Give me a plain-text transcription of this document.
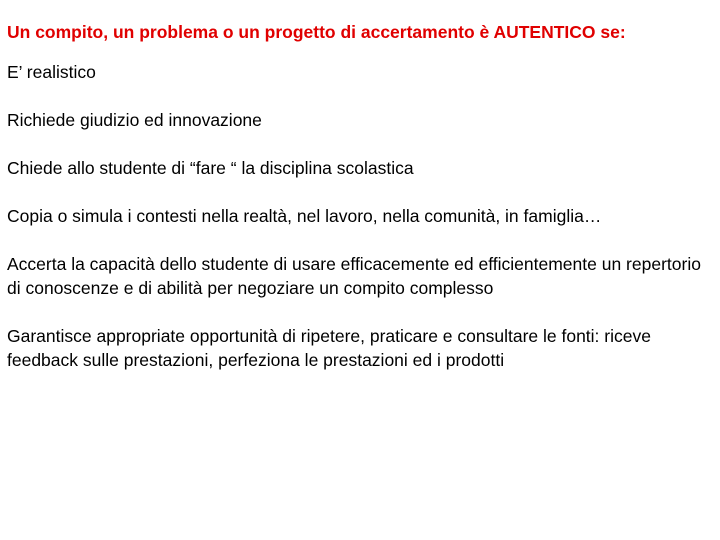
Un compito, un problema o un progetto di accertamento è AUTENTICO se:

E’ realistico
Richiede giudizio ed innovazione
Chiede allo studente di “fare “ la disciplina scolastica
Copia o simula i contesti nella realtà, nel lavoro, nella comunità, in famiglia…
Accerta la capacità dello studente di usare efficacemente ed efficientemente un repertorio di conoscenze e di abilità per negoziare un compito complesso
Garantisce appropriate opportunità di ripetere, praticare e consultare le fonti: riceve feedback sulle prestazioni, perfeziona le prestazioni ed i prodotti
